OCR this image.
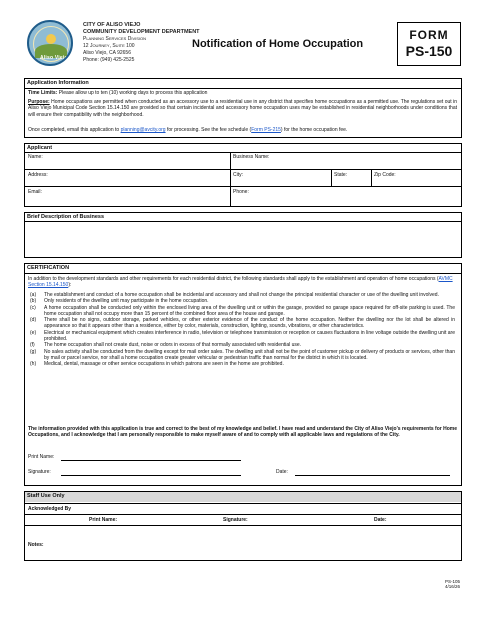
Aliso Viejo
CITY OF ALISO VIEJO
COMMUNITY DEVELOPMENT DEPARTMENT
Planning Services Division
12 Journey, Suite 100
Aliso Viejo, CA 92656
Phone: (949) 425-2525
Notification of Home Occupation
FORM
PS-150
Application Information
Time Limits: Please allow up to ten (10) working days to process this application
Purpose: Home occupations are permitted when conducted as an accessory use to a residential use in any district that specifies home occupations as a permitted use. The regulations set out in Aliso Viejo Municipal Code Section 15.14.150 are provided so that certain incidental and accessory home occupation uses may be established in residential neighborhoods under conditions that will ensure their compatibility with the neighborhood.
Once completed, email this application to planning@avcity.org for processing. See the fee schedule (Form PS-215) for the home occupation fee.
Applicant
Name:	Business Name:
Address:	City:	State:	Zip Code:
Email:	Phone:
Brief Description of Business
CERTIFICATION
In addition to the development standards and other requirements for each residential district, the following standards shall apply to the establishment and operation of home occupations (AVMC Section 15.14.150):
(a)	The establishment and conduct of a home occupation shall be incidental and accessory and shall not change the principal residential character or use of the dwelling unit involved.
(b)	Only residents of the dwelling unit may participate in the home occupation.
(c)	A home occupation shall be conducted only within the enclosed living area of the dwelling unit or within the garage, provided no garage space required for off-site parking is used. The home occupation shall not occupy more than 15 percent of the combined floor area of the house and garage.
(d)	There shall be no signs, outdoor storage, parked vehicles, or other exterior evidence of the conduct of the home occupation. Neither the dwelling nor the lot shall be altered in appearance so that it appears other than a residence, either by color, materials, construction, lighting, sounds, vibrations, or other characteristics.
(e)	Electrical or mechanical equipment which creates interference in radio, television or telephone transmission or reception or causes fluctuations in line voltage outside the dwelling unit are prohibited.
(f)	The home occupation shall not create dust, noise or odors in excess of that normally associated with residential use.
(g)	No sales activity shall be conducted from the dwelling except for mail order sales. The dwelling unit shall not be the point of customer pickup or delivery of products or services, other than by mail or parcel service, nor shall a home occupation create greater vehicular or pedestrian traffic than normal for the district in which it is located.
(h)	Medical, dental, massage or other service occupations in which patrons are seen in the home are prohibited.
The information provided with this application is true and correct to the best of my knowledge and belief. I have read and understand the City of Aliso Viejo's requirements for Home Occupations, and I acknowledge that I am personally responsible to make myself aware of and to comply with all applicable laws and regulations of the City.
Print Name:
Signature:	Date:
Staff Use Only
Acknowledged By
Print Name:	Signature:	Date:
Notes:
PS-105
4/16/26
